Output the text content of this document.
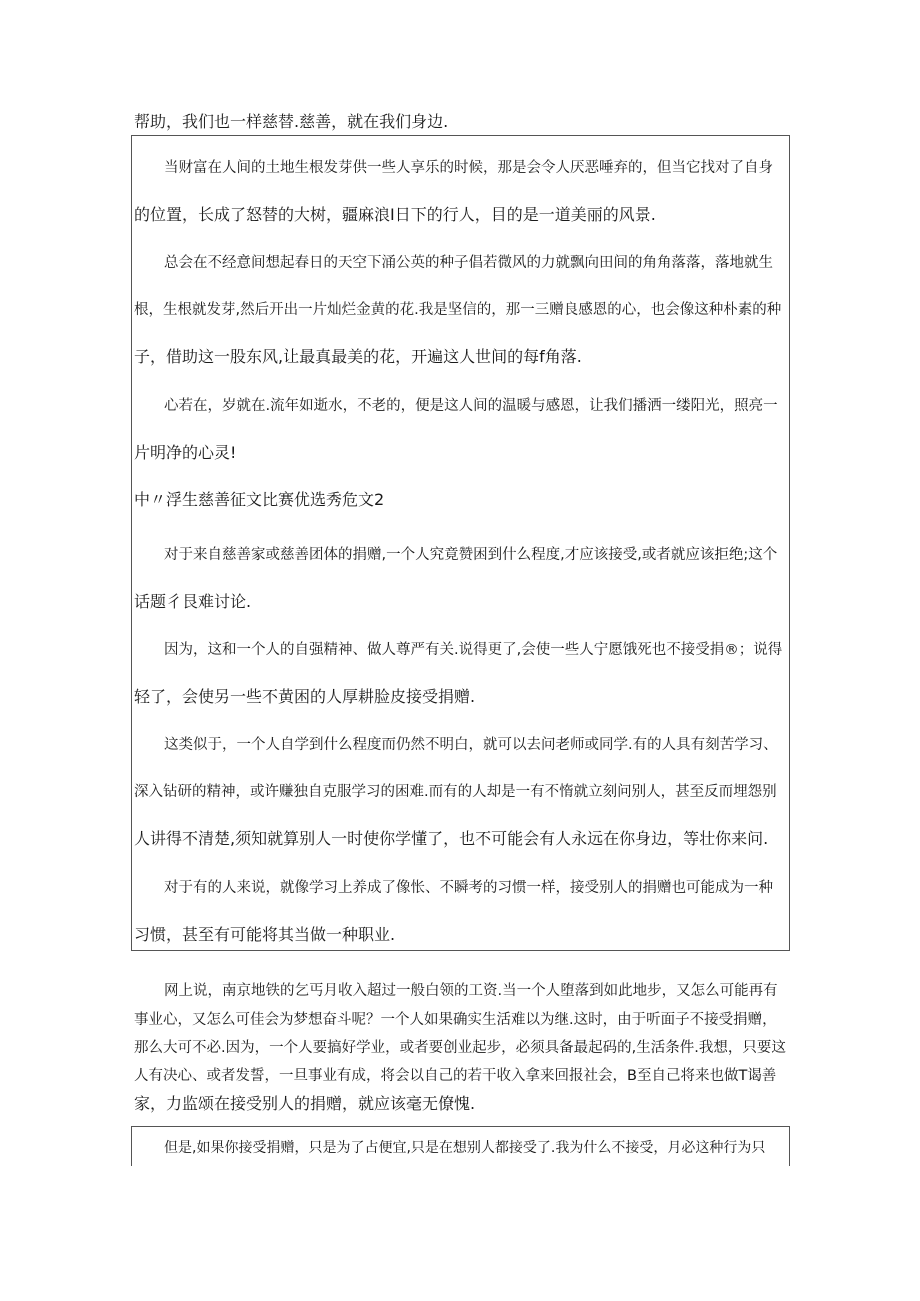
帮助，我们也一样慈替.慈善，就在我们身边.
当财富在人间的土地生根发芽供一些人享乐的时候，那是会令人厌恶唾弃的，但当它找对了自身
的位置，长成了怒替的大树，疆麻浪I日下的行人，目的是一道美丽的风景.
总会在不经意间想起春日的天空下涌公英的种子倡若微风的力就飘向田间的角角落落，落地就生
根，生根就发芽,然后开出一片灿烂金黄的花.我是坚信的，那一三赠良感恩的心，也会像这种朴素的种
子，借助这一股东风,让最真最美的花，开遍这人世间的每f角落.
心若在，岁就在.流年如逝水，不老的，便是这人间的温暖与感恩，让我们播洒一缕阳光，照亮一
片明净的心灵!
中〃浮生慈善征文比赛优选秀危文2
对于来自慈善家或慈善团体的捐赠,一个人究竟赞困到什么程度,才应该接受,或者就应该拒绝;这个
话题彳艮难讨论.
因为，这和一个人的自强精神、做人尊严有关.说得更了,会使一些人宁愿饿死也不接受捐®；说得
轻了，会使另一些不黄困的人厚耕脸皮接受捐赠.
这类似于，一个人自学到什么程度而仍然不明白，就可以去问老师或同学.有的人具有刻苦学习、
深入钻研的精神，或许赚独自克服学习的困难.而有的人却是一有不惰就立刻问别人，甚至反而埋怨别
人讲得不清楚,须知就算别人一时使你学懂了，也不可能会有人永远在你身边，等壮你来问.
对于有的人来说，就像学习上养成了像怅、不瞬考的习惯一样，接受别人的捐赠也可能成为一种
习惯，甚至有可能将其当做一种职业.
网上说，南京地铁的乞丐月收入超过一般白领的工资.当一个人堕落到如此地步，又怎么可能再有
事业心，又怎么可佳会为梦想奋斗呢？一个人如果确实生活难以为继.这时，由于听面子不接受捐赠，
那么大可不必.因为，一个人要搞好学业，或者要创业起步，必须具备最起码的,生活条件.我想，只要这
人有决心、或者发誓，一旦事业有成，将会以自己的若干收入拿来回报社会，B至自己将来也做T谒善
家，力监颂在接受别人的捐赠，就应该毫无僚愧.
但是,如果你接受捐赠，只是为了占便宜,只是在想别人都接受了.我为什么不接受，月必这种行为只
